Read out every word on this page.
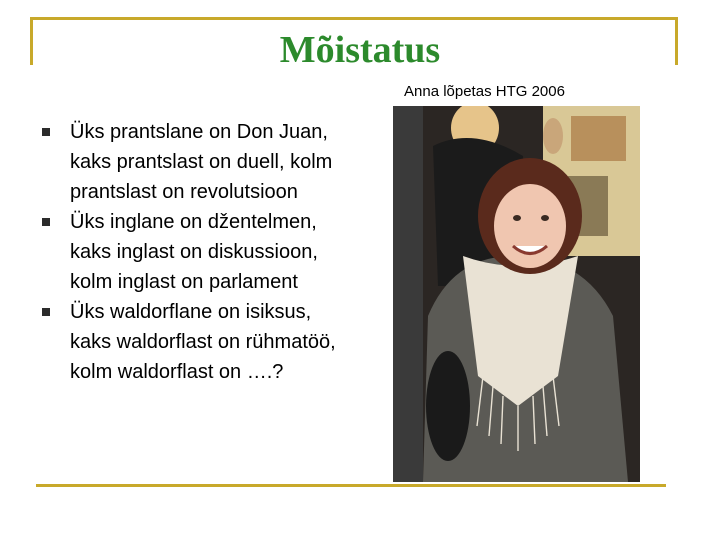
Mõistatus
Anna lõpetas HTG 2006
Üks prantslane on Don Juan, kaks prantslast on duell, kolm prantslast on revolutsioon
Üks inglane on džentelmen, kaks inglast on diskussioon, kolm inglast on parlament
Üks waldorflane on isiksus, kaks waldorflast on rühmatöö, kolm waldorflast on ….?
